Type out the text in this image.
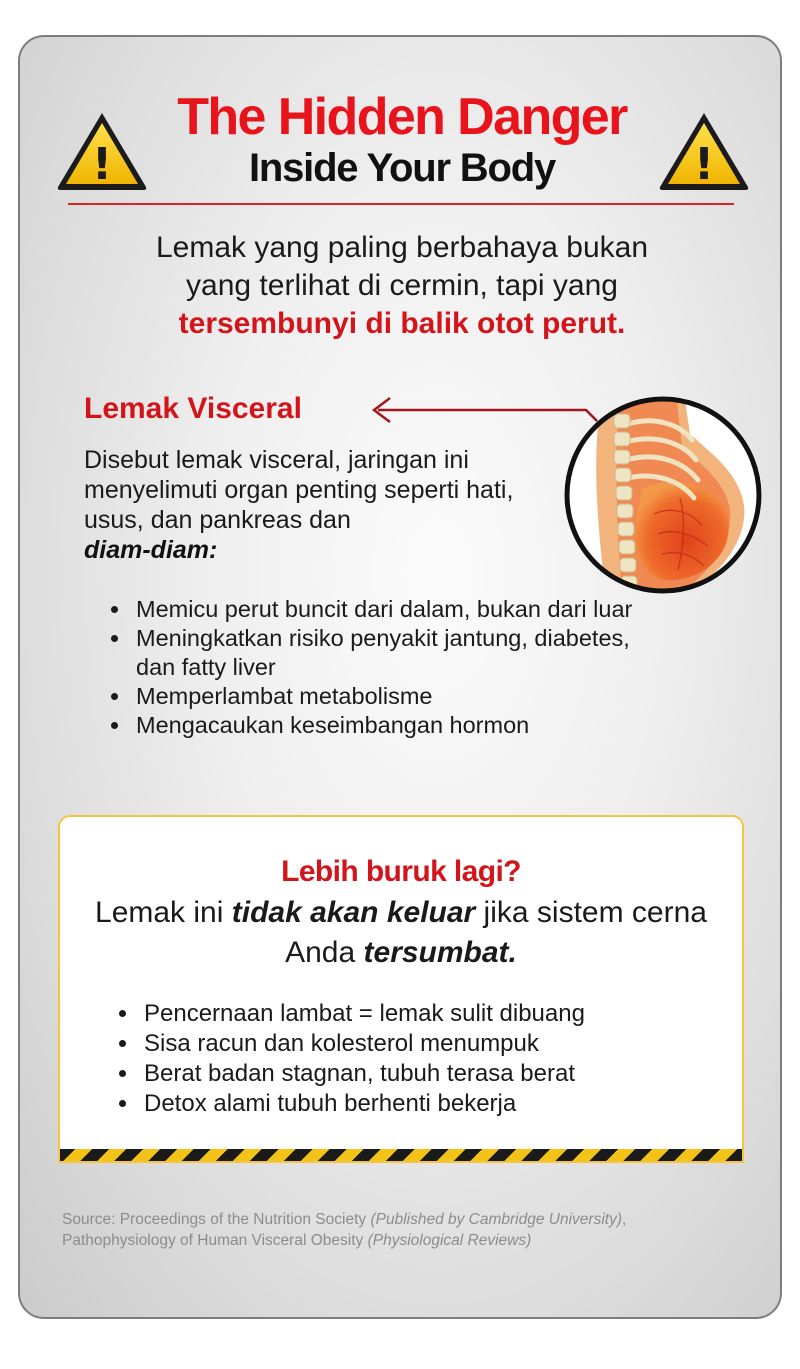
!	!
The Hidden Danger
Inside Your Body
Lemak yang paling berbahaya bukan
yang terlihat di cermin, tapi yang
tersembunyi di balik otot perut.
Lemak Visceral
Disebut lemak visceral, jaringan ini menyelimuti organ penting seperti hati, usus, dan pankreas dan
diam-diam:
• Memicu perut buncit dari dalam, bukan dari luar
• Meningkatkan risiko penyakit jantung, diabetes, dan fatty liver
• Memperlambat metabolisme
• Mengacaukan keseimbangan hormon
Lebih buruk lagi?
Lemak ini tidak akan keluar jika sistem cerna Anda tersumbat.
• Pencernaan lambat = lemak sulit dibuang
• Sisa racun dan kolesterol menumpuk
• Berat badan stagnan, tubuh terasa berat
• Detox alami tubuh berhenti bekerja
Source: Proceedings of the Nutrition Society (Published by Cambridge University),
Pathophysiology of Human Visceral Obesity (Physiological Reviews)
